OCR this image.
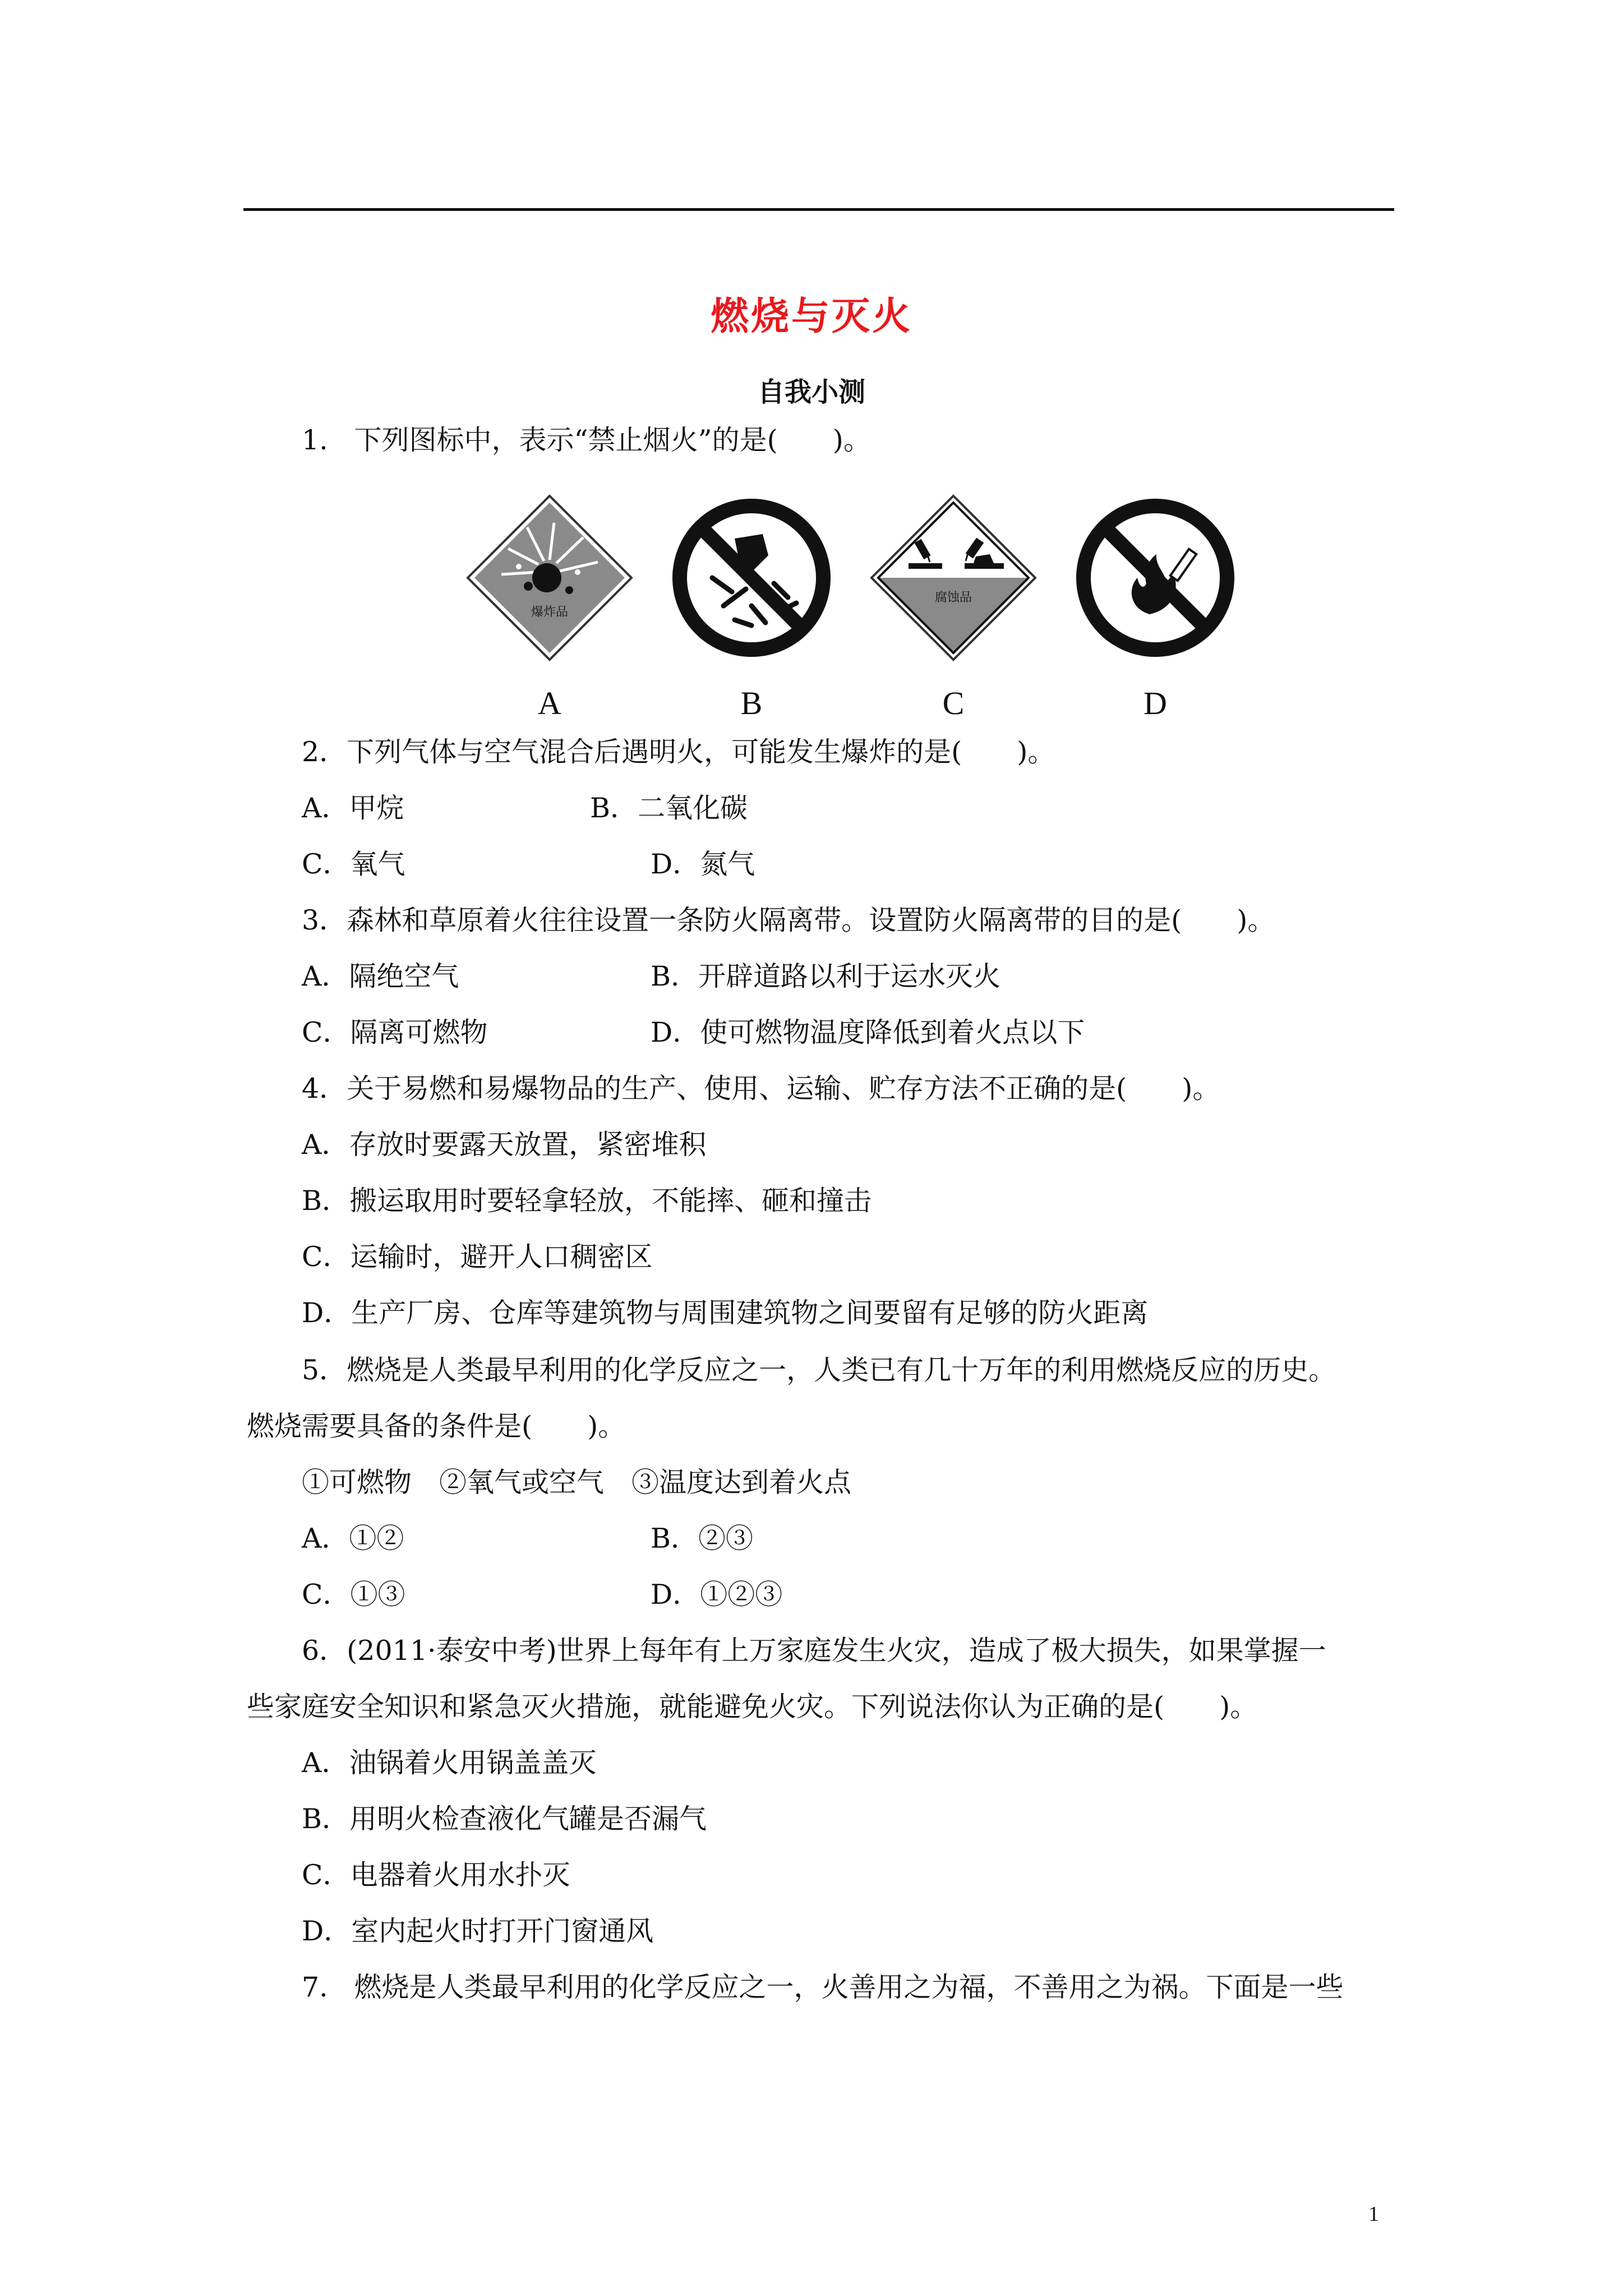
燃烧与灭火
自我小测
1.   下列图标中，表示“禁止烟火”的是(　　)。
爆炸品
A	B
腐蚀品
C	D
2．下列气体与空气混合后遇明火，可能发生爆炸的是(　　)。
A．甲烷	B．二氧化碳
C．氧气	D．氮气
3．森林和草原着火往往设置一条防火隔离带。设置防火隔离带的目的是(　　)。
A．隔绝空气	B．开辟道路以利于运水灭火
C．隔离可燃物	D．使可燃物温度降低到着火点以下
4．关于易燃和易爆物品的生产、使用、运输、贮存方法不正确的是(　　)。
A．存放时要露天放置，紧密堆积
B．搬运取用时要轻拿轻放，不能摔、砸和撞击
C．运输时，避开人口稠密区
D．生产厂房、仓库等建筑物与周围建筑物之间要留有足够的防火距离
5．燃烧是人类最早利用的化学反应之一，人类已有几十万年的利用燃烧反应的历史。
燃烧需要具备的条件是(　　)。
①可燃物　②氧气或空气　③温度达到着火点
A．①②	B．②③
C．①③	D．①②③
6．(2011·泰安中考)世界上每年有上万家庭发生火灾，造成了极大损失，如果掌握一
些家庭安全知识和紧急灭火措施，就能避免火灾。下列说法你认为正确的是(　　)。
A．油锅着火用锅盖盖灭
B．用明火检查液化气罐是否漏气
C．电器着火用水扑灭
D．室内起火时打开门窗通风
7.   燃烧是人类最早利用的化学反应之一，火善用之为福，不善用之为祸。下面是一些
1
